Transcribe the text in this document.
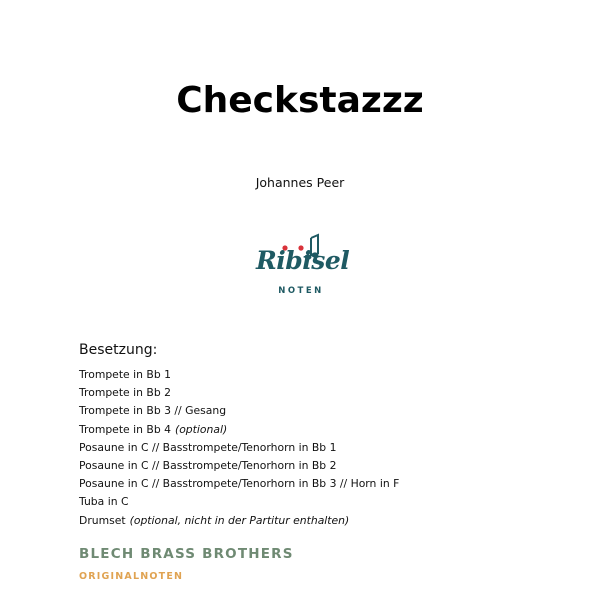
Checkstazzz
Johannes Peer
Ribisel
NOTEN
Besetzung:
Trompete in Bb 1
Trompete in Bb 2
Trompete in Bb 3 // Gesang
Trompete in Bb 4 (optional)
Posaune in C // Basstrompete/Tenorhorn in Bb 1
Posaune in C // Basstrompete/Tenorhorn in Bb 2
Posaune in C // Basstrompete/Tenorhorn in Bb 3 // Horn in F
Tuba in C
Drumset (optional, nicht in der Partitur enthalten)
BLECH BRASS BROTHERS
ORIGINALNOTEN
